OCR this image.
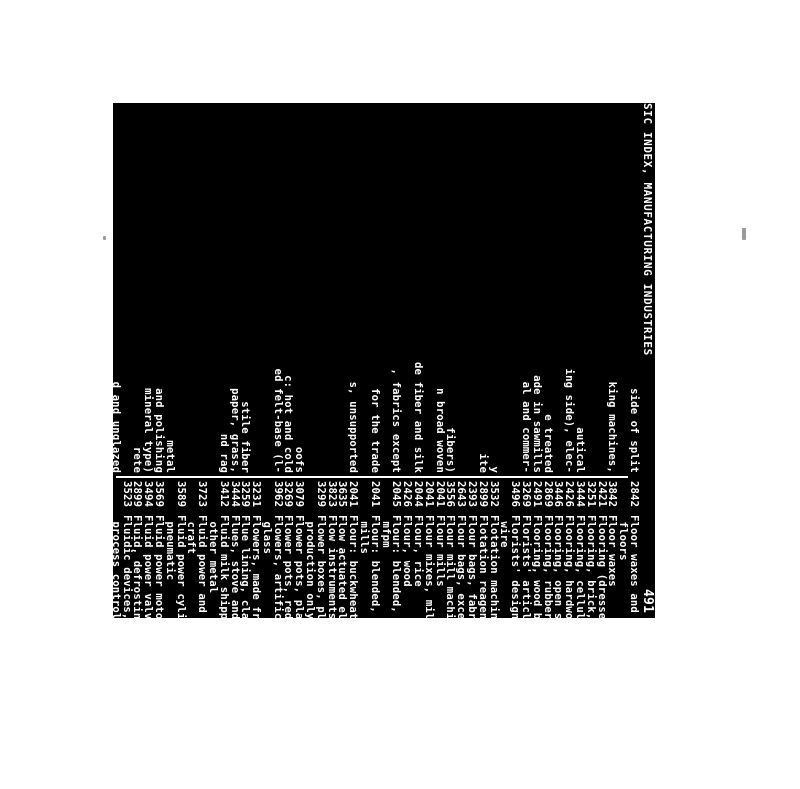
SIC INDEX, MANUFACTURING INDUSTRIES
491
side of split
king machines,
autical
ing side), elec-
e treated
ade in sawmills
al and commer-
y
ite
fibers)
n broad woven
de fiber and silk
, fabrics except
for the trade
s, unsupported
oofs
c: hot and cold
ed felt-base (l-
stile fiber
paper, grass,
nd rag
metal
and polishing
mineral type)
rete
d and unglazed
o
2842Floor waxes and polishers, household:
floors
3842Floor waxes
2421Flooring (dressed lumber), softwood
3251Flooring, brick, clay
3444Flooring, cellular steel
2426Flooring, hardwood
3446Flooring, open steel (grating)
2869Flooring, rubber: tile or sheet
2491Flooring, wood block: treated
3269Florists' articles, red earthenware
3496Florists' designs, made from purchased
wire
3532Flotation machinery (mining machinery)
2899Flotation reagents
2393Flour bags, fabric: mfpm
2643Flour bags, except fabric: mfpm
3556Flour mill machinery
2041Flour mills
2041Flour mixes, millss
2044Flour, rice
2426Flour, wood
2045Flour: blended, prepared, or self-rising—
mfpm
2041Flour: blended, prepared, or self-rising—
mills
2041Flour: buckwheat, corn, rye, and wheat
3635Flow actuated electrical switches
3823Flow instruments, industrial process type
3299Flower boxes, plaster of paris: factory
production only
3079Flower pots, plastics
3269Flower pots, red earthenware
3962Flowers, artificial and preserved: except
glass
3231Flowers, made from purchased glass
3259Flue lining, clay
3444Flues, stove and furnace: sheet metal
3412Fluid milk shipping containers, steel or
other metal
3723Fluid power and control components, air-
craft
3589Fluid power cylinders, hydraulic and
pneumatic
3569Fluid power motors
3494Fluid power valves and fittings
2899Fluid, defrosting
3523Fluidic devices, circuits, and systems for
process control
2899Fluidizer (retarder) for concrete
3412Flumes, metal plate
3444Flumes, sheet metal
3612Fluorescent ballasts
